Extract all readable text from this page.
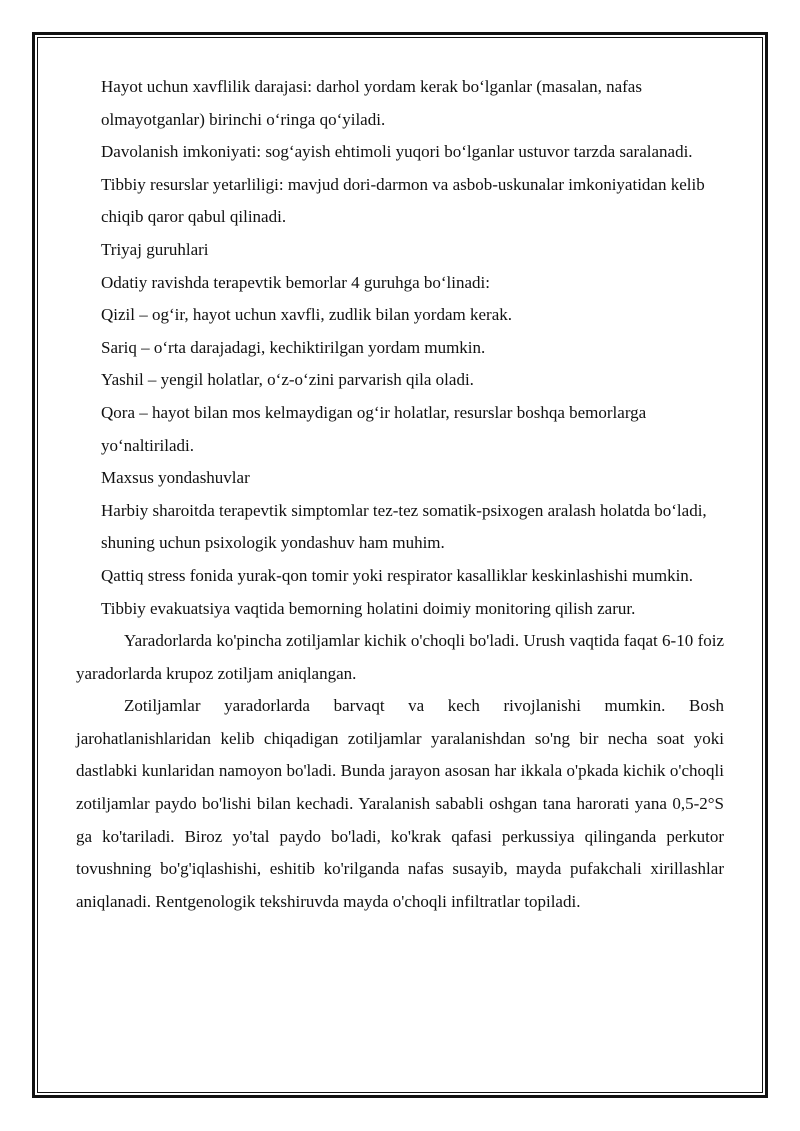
Hayot uchun xavflilik darajasi: darhol yordam kerak bo‘lganlar (masalan, nafas olmayotganlar) birinchi o‘ringa qo‘yiladi.

Davolanish imkoniyati: sog‘ayish ehtimoli yuqori bo‘lganlar ustuvor tarzda saralanadi.

Tibbiy resurslar yetarliligi: mavjud dori-darmon va asbob-uskunalar imkoniyatidan kelib chiqib qaror qabul qilinadi.

Triyaj guruhlari

Odatiy ravishda terapevtik bemorlar 4 guruhga bo‘linadi:

Qizil – og‘ir, hayot uchun xavfli, zudlik bilan yordam kerak.

Sariq – o‘rta darajadagi, kechiktirilgan yordam mumkin.

Yashil – yengil holatlar, o‘z-o‘zini parvarish qila oladi.

Qora – hayot bilan mos kelmaydigan og‘ir holatlar, resurslar boshqa bemorlarga yo‘naltiriladi.

Maxsus yondashuvlar

Harbiy sharoitda terapevtik simptomlar tez-tez somatik-psixogen aralash holatda bo‘ladi, shuning uchun psixologik yondashuv ham muhim.

Qattiq stress fonida yurak-qon tomir yoki respirator kasalliklar keskinlashishi mumkin.

Tibbiy evakuatsiya vaqtida bemorning holatini doimiy monitoring qilish zarur.

Yaradorlarda ko'pincha zotiljamlar kichik o'choqli bo'ladi. Urush vaqtida faqat 6-10 foiz yaradorlarda krupoz zotiljam aniqlangan.

Zotiljamlar yaradorlarda barvaqt va kech rivojlanishi mumkin. Bosh jarohatlanishlaridan kelib chiqadigan zotiljamlar yaralanishdan so'ng bir necha soat yoki dastlabki kunlaridan namoyon bo'ladi. Bunda jarayon asosan har ikkala o'pkada kichik o'choqli zotiljamlar paydo bo'lishi bilan kechadi. Yaralanish sababli oshgan tana harorati yana 0,5-2°S ga ko'tariladi. Biroz yo'tal paydo bo'ladi, ko'krak qafasi perkussiya qilinganda perkutor tovushning bo'g'iqlashishi, eshitib ko'rilganda nafas susayib, mayda pufakchali xirillashlar aniqlanadi. Rentgenologik tekshiruvda mayda o'choqli infiltratlar topiladi.
